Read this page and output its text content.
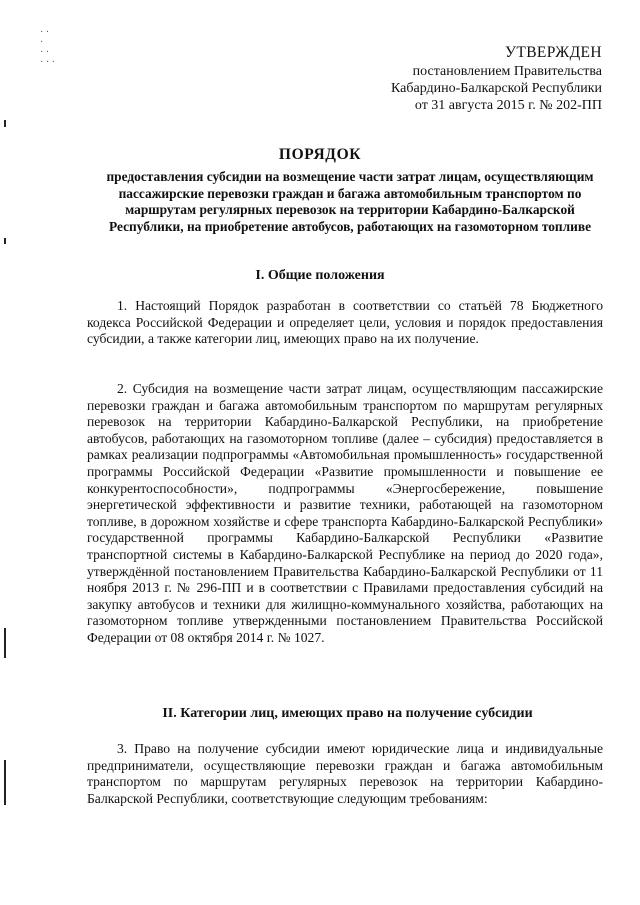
· ·
·
· ·
· · ·
УТВЕРЖДЕН
постановлением Правительства
Кабардино-Балкарской Республики
от 31 августа 2015 г. № 202-ПП
ПОРЯДОК
предоставления субсидии на возмещение части затрат лицам, осуществляющим пассажирские перевозки граждан и багажа автомобильным транспортом по маршрутам регулярных перевозок на территории Кабардино-Балкарской Республики, на приобретение автобусов, работающих на газомоторном топливе
I. Общие положения
1. Настоящий Порядок разработан в соответствии со статьёй 78 Бюджетного кодекса Российской Федерации и определяет цели, условия и порядок предоставления субсидии, а также категории лиц, имеющих право на их получение.
2. Субсидия на возмещение части затрат лицам, осуществляющим пассажирские перевозки граждан и багажа автомобильным транспортом по маршрутам регулярных перевозок на территории Кабардино-Балкарской Республики, на приобретение автобусов, работающих на газомоторном топливе (далее – субсидия) предоставляется в рамках реализации подпрограммы «Автомобильная промышленность» государственной программы Российской Федерации «Развитие промышленности и повышение ее конкурентоспособности», подпрограммы «Энергосбережение, повышение энергетической эффективности и развитие техники, работающей на газомоторном топливе, в дорожном хозяйстве и сфере транспорта Кабардино-Балкарской Республики» государственной программы Кабардино-Балкарской Республики «Развитие транспортной системы в Кабардино-Балкарской Республике на период до 2020 года», утверждённой постановлением Правительства Кабардино-Балкарской Республики от 11 ноября 2013 г. № 296-ПП и в соответствии с Правилами предоставления субсидий на закупку автобусов и техники для жилищно-коммунального хозяйства, работающих на газомоторном топливе утвержденными постановлением Правительства Российской Федерации от 08 октября 2014 г. № 1027.
II. Категории лиц, имеющих право на получение субсидии
3. Право на получение субсидии имеют юридические лица и индивидуальные предприниматели, осуществляющие перевозки граждан и багажа автомобильным транспортом по маршрутам регулярных перевозок на территории Кабардино-Балкарской Республики, соответствующие следующим требованиям:
